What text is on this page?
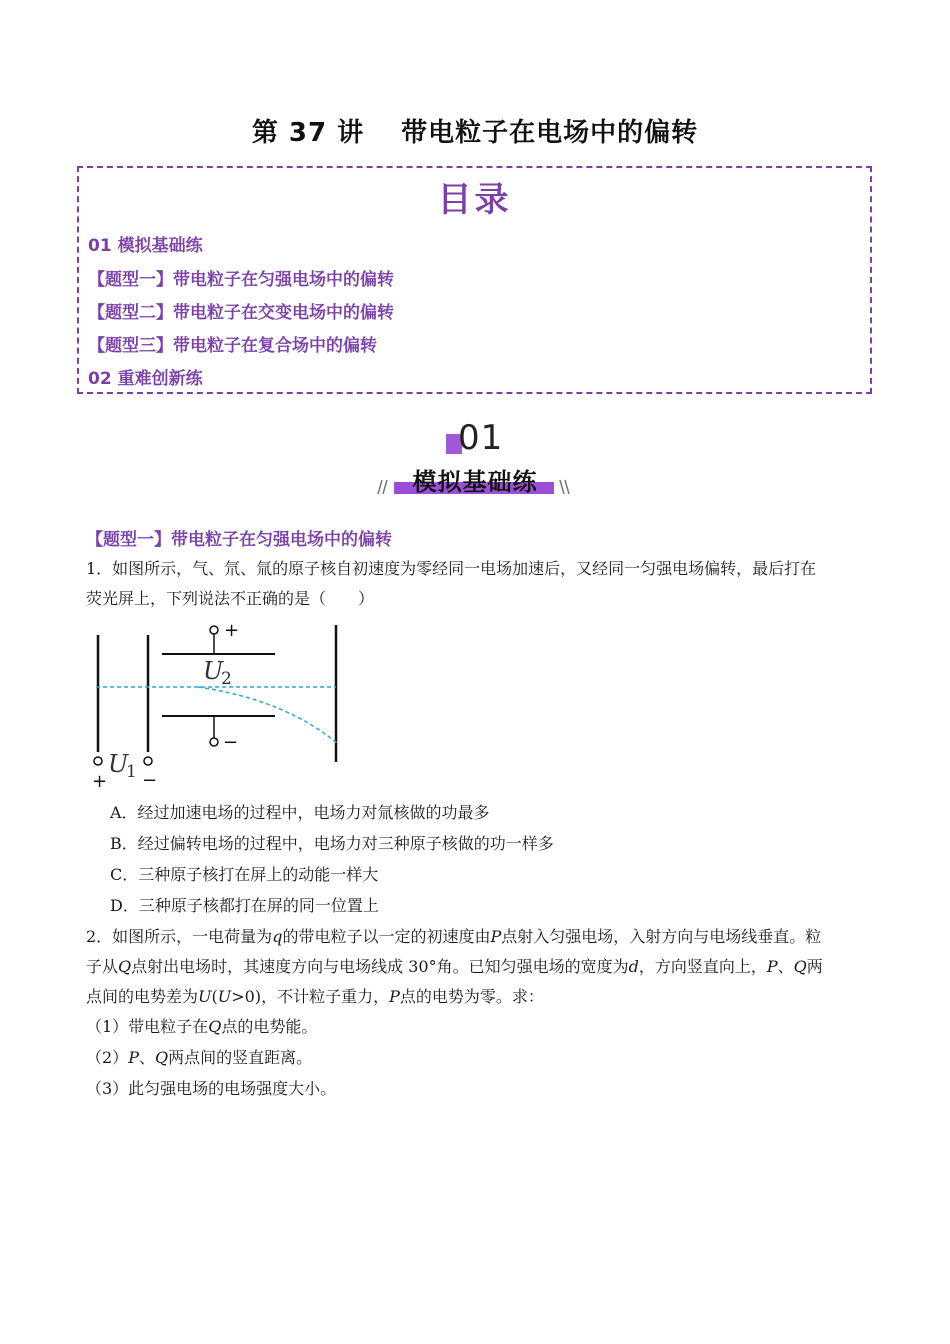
第 37 讲　 带电粒子在电场中的偏转
目录
01 模拟基础练
【题型一】带电粒子在匀强电场中的偏转
【题型二】带电粒子在交变电场中的偏转
【题型三】带电粒子在复合场中的偏转
02 重难创新练
01
模拟基础练
【题型一】带电粒子在匀强电场中的偏转
1．如图所示，气、氘、氚的原子核自初速度为零经同一电场加速后，又经同一匀强电场偏转，最后打在
荧光屏上，下列说法不正确的是（　　）
+
−
U
2
U
1
+ −
A．经过加速电场的过程中，电场力对氚核做的功最多
B．经过偏转电场的过程中，电场力对三种原子核做的功一样多
C．三种原子核打在屏上的动能一样大
D．三种原子核都打在屏的同一位置上
2．如图所示，一电荷量为q的带电粒子以一定的初速度由P点射入匀强电场，入射方向与电场线垂直。粒
子从Q点射出电场时，其速度方向与电场线成 30°角。已知匀强电场的宽度为d，方向竖直向上，P、Q两
点间的电势差为U(U>0)，不计粒子重力，P点的电势为零。求：
（1）带电粒子在Q点的电势能。
（2）P、Q两点间的竖直距离。
（3）此匀强电场的电场强度大小。
